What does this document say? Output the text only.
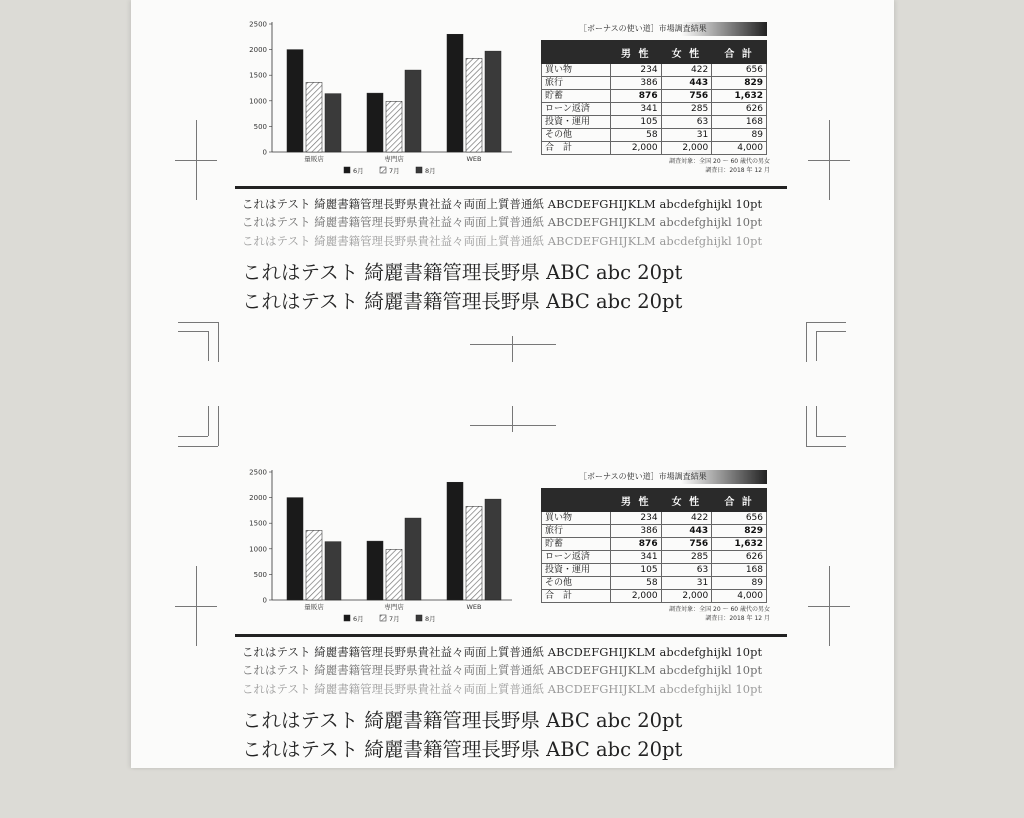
0
500
1000
1500
2000
2500
量販店	専門店	WEB
6月	7月	8月
［ボーナスの使い道］市場調査結果
	男 性	女 性	合 計
買い物	234	422	656
旅行	386	443	829
貯蓄	876	756	1,632
ローン返済	341	285	626
投資・運用	105	63	168
その他	58	31	89
合　計	2,000	2,000	4,000
調査対象：全国 20 ～ 60 歳代の男女
調査日：2018 年 12 月
これはテスト 綺麗書籍管理長野県貴社益々両面上質普通紙 ABCDEFGHIJKLM abcdefghijkl 10pt
これはテスト 綺麗書籍管理長野県貴社益々両面上質普通紙 ABCDEFGHIJKLM abcdefghijkl 10pt
これはテスト 綺麗書籍管理長野県貴社益々両面上質普通紙 ABCDEFGHIJKLM abcdefghijkl 10pt
これはテスト 綺麗書籍管理長野県 ABC abc 20pt
これはテスト 綺麗書籍管理長野県 ABC abc 20pt
0
500
1000
1500
2000
2500
量販店	専門店	WEB
6月	7月	8月
［ボーナスの使い道］市場調査結果
	男 性	女 性	合 計
買い物	234	422	656
旅行	386	443	829
貯蓄	876	756	1,632
ローン返済	341	285	626
投資・運用	105	63	168
その他	58	31	89
合　計	2,000	2,000	4,000
調査対象：全国 20 ～ 60 歳代の男女
調査日：2018 年 12 月
これはテスト 綺麗書籍管理長野県貴社益々両面上質普通紙 ABCDEFGHIJKLM abcdefghijkl 10pt
これはテスト 綺麗書籍管理長野県貴社益々両面上質普通紙 ABCDEFGHIJKLM abcdefghijkl 10pt
これはテスト 綺麗書籍管理長野県貴社益々両面上質普通紙 ABCDEFGHIJKLM abcdefghijkl 10pt
これはテスト 綺麗書籍管理長野県 ABC abc 20pt
これはテスト 綺麗書籍管理長野県 ABC abc 20pt
